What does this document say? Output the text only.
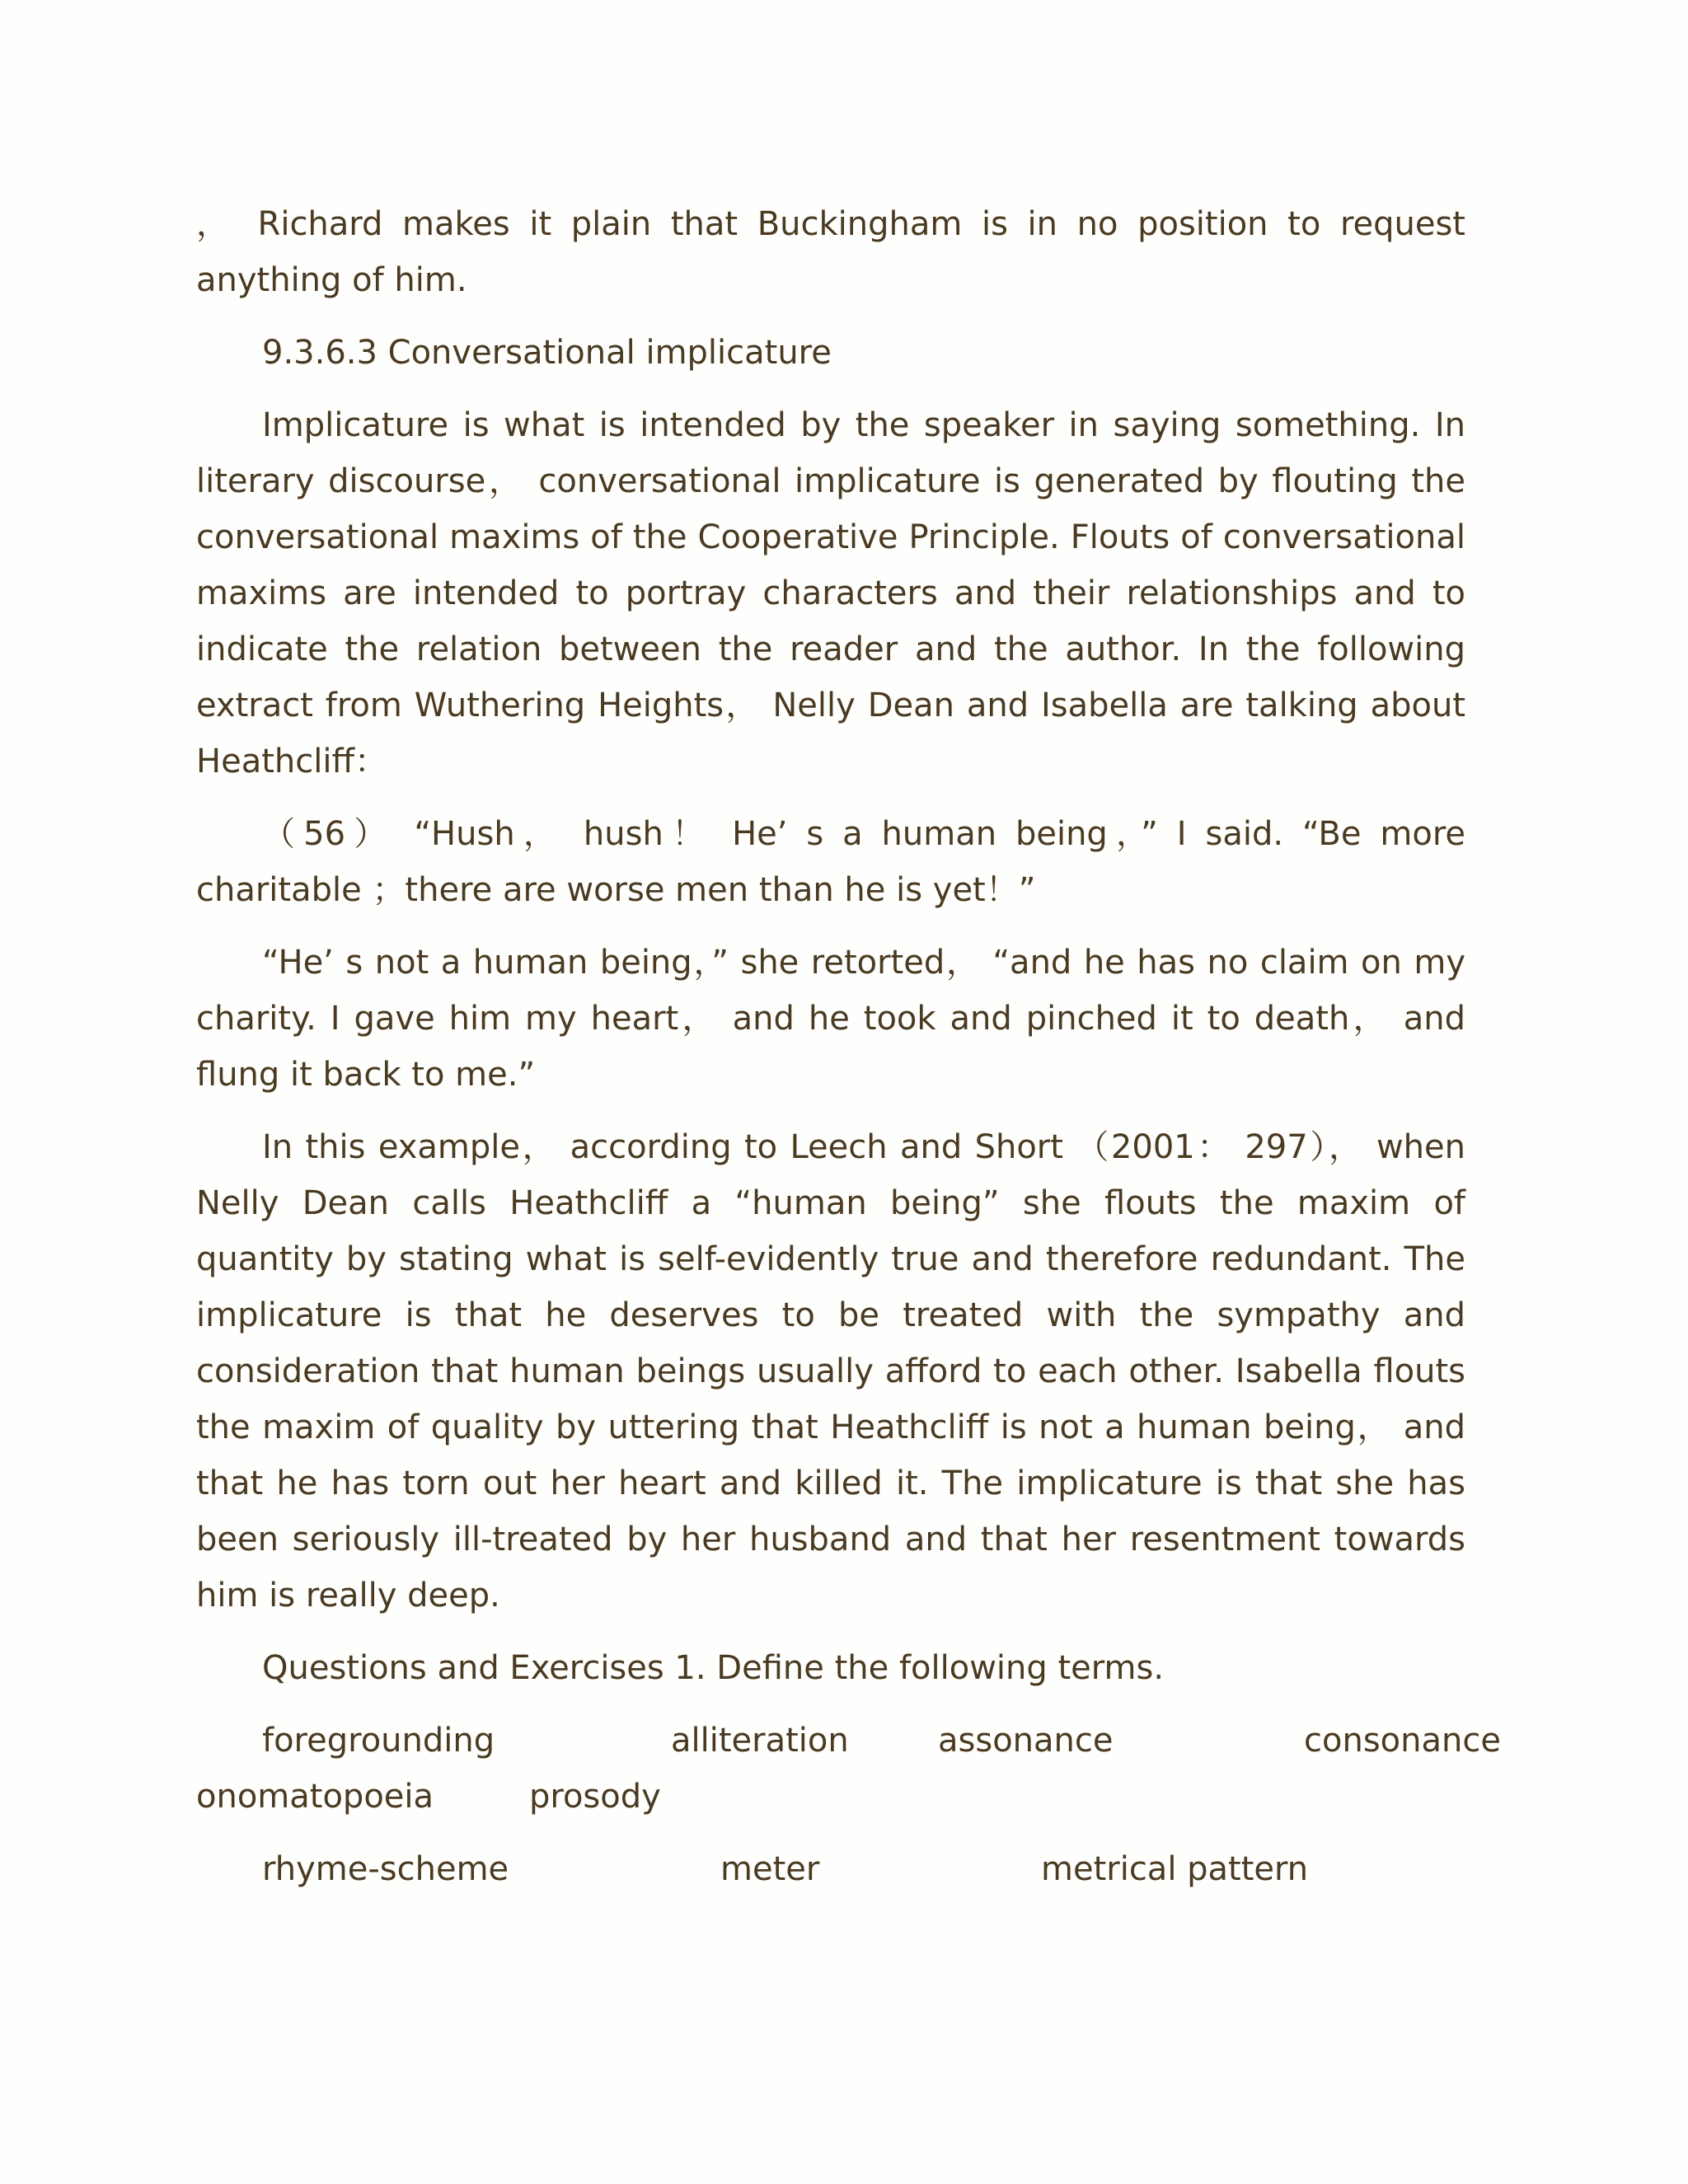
， Richard makes it plain that Buckingham is in no position to request anything of him.

9.3.6.3 Conversational implicature

Implicature is what is intended by the speaker in saying something. In literary discourse， conversational implicature is generated by flouting the conversational maxims of the Cooperative Principle. Flouts of conversational maxims are intended to portray characters and their relationships and to indicate the relation between the reader and the author. In the following extract from Wuthering Heights， Nelly Dean and Isabella are talking about Heathcliff：

（56） “Hush， hush！ He’ s a human being，” I said. “Be more charitable ；there are worse men than he is yet！”

“He’ s not a human being，” she retorted， “and he has no claim on my charity. I gave him my heart， and he took and pinched it to death， and flung it back to me.”

In this example， according to Leech and Short （2001： 297）， when Nelly Dean calls Heathcliff a “human being” she flouts the maxim of quantity by stating what is self-evidently true and therefore redundant. The implicature is that he deserves to be treated with the sympathy and consideration that human beings usually afford to each other. Isabella flouts the maxim of quality by uttering that Heathcliff is not a human being， and that he has torn out her heart and killed it. The implicature is that she has been seriously ill-treated by her husband and that her resentment towards him is really deep.

Questions and Exercises 1. Define the following terms.

foregrounding	alliteration	assonance	consonance
onomatopoeia	prosody
rhyme-scheme	meter	metrical pattern
